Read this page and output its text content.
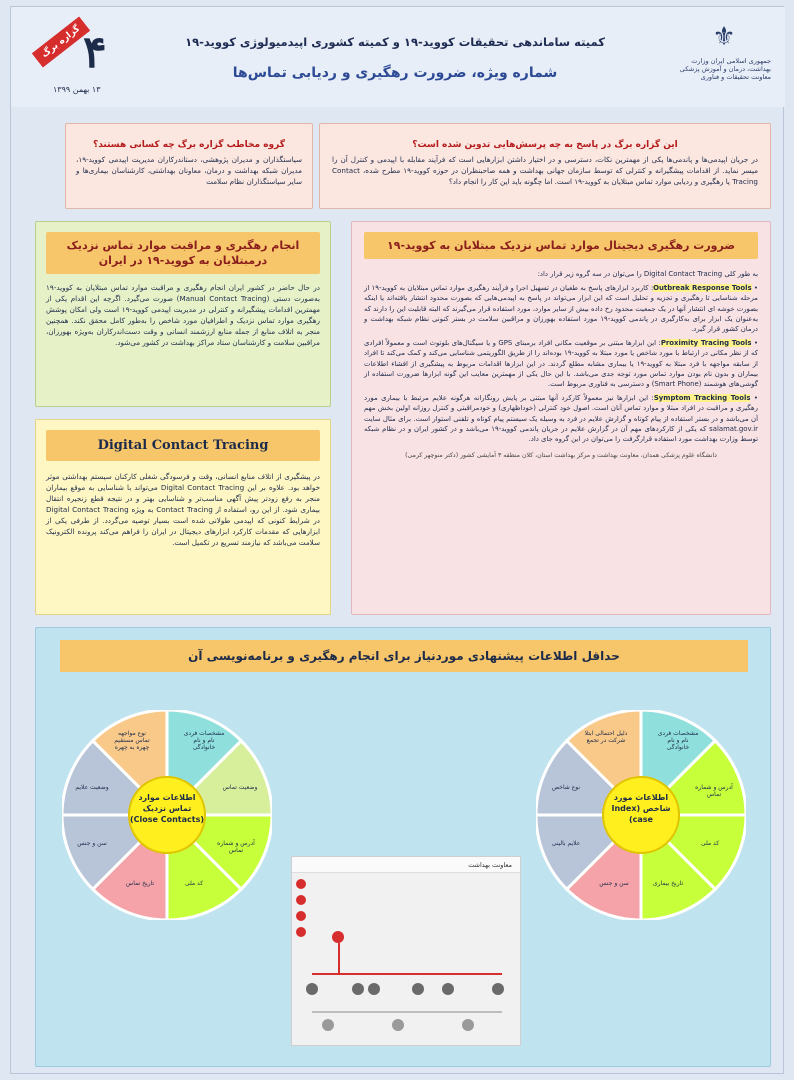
⚜
جمهوری اسلامی ایران وزارت بهداشت، درمان و آموزش پزشکی معاونت تحقیقات و فناوری
کمیته ساماندهی تحقیقات کووید-۱۹ و کمیته کشوری اپیدمیولوژی کووید-۱۹
شماره ویژه، ضرورت رهگیری و ردیابی تماس‌ها
گزاره برگ ۴
۱۳ بهمن ۱۳۹۹
این گزاره برگ در پاسخ به چه پرسش‌هایی تدوین شده است؟
در جریان اپیدمی‌ها و پاندمی‌ها یکی از مهمترین نکات، دسترسی و در اختیار داشتن ابزارهایی است که فرآیند مقابله با اپیدمی و کنترل آن را میسر نماید. از اقدامات پیشگیرانه و کنترلی که توسط سازمان جهانی بهداشت و همه صاحبنظران در حوزه کووید-۱۹ مطرح شده، Contact Tracing یا رهگیری و ردیابی موارد تماس مبتلایان به کووید-۱۹ است. اما چگونه باید این کار را انجام داد؟
گروه مخاطب گزاره برگ چه کسانی هستند؟
سیاستگذاران و مدیران پژوهشی، دستاندرکاران مدیریت اپیدمی کووید-۱۹، مدیران شبکه بهداشت و درمان، معاونان بهداشتی، کارشناسان بیماری‌ها و سایر سیاستگذاران نظام سلامت
انجام رهگیری و مراقبت موارد تماس نزدیک درمبتلایان به کووید-۱۹ در ایران
در حال حاضر در کشور ایران انجام رهگیری و مراقبت موارد تماس مبتلایان به کووید-۱۹ به‌صورت دستی (Manual Contact Tracing) صورت می‌گیرد. اگرچه این اقدام یکی از مهمترین اقدامات پیشگیرانه و کنترلی در مدیریت اپیدمی کووید-۱۹ است ولی امکان پوشش رهگیری موارد تماس نزدیک و اطرافیان مورد شاخص را به‌طور کامل محقق نکند. همچنین منجر به اتلاف منابع از جمله منابع ارزشمند انسانی و وقت دست‌اندرکاران به‌ویژه بهورزان، مراقبین سلامت و کارشناسان ستاد مراکز بهداشت در کشور می‌شود.
Digital Contact Tracing
در پیشگیری از اتلاف منابع انسانی، وقت و فرسودگی شغلی کارکنان سیستم بهداشتی موثر خواهد بود. علاوه بر این Digital Contact Tracing می‌تواند با شناسایی به موقع بیماران منجر به رفع زودتر پیش آگهی مناسب‌تر و شناسایی بهتر و در نتیجه قطع زنجیره انتقال بیماری شود. از این رو، استفاده از Contact Tracing به ویژه Digital Contact Tracing در شرایط کنونی که اپیدمی طولانی شده است بسیار توصیه می‌گردد. از طرفی یکی از ابزارهایی که مقدمات کارکرد ابزارهای دیجیتال در ایران را فراهم می‌کند پرونده الکترونیک سلامت می‌باشد که نیازمند تسریع در تکمیل است.
ضرورت رهگیری دیجیتال موارد تماس نزدیک مبتلایان به کووید-۱۹
به طور کلی Digital Contact Tracing را می‌توان در سه گروه زیر قرار داد:
• Outbreak Response Tools: کاربرد ابزارهای پاسخ به طغیان در تسهیل اجرا و فرآیند رهگیری موارد تماس مبتلایان به کووید-۱۹ از مرحله شناسایی تا رهگیری و تجزیه و تحلیل است که این ابزار می‌تواند در پاسخ به اپیدمی‌هایی که بصورت محدود انتشار یافته‌اند یا اینکه بصورت خوشه ای انتشار آنها در یک جمعیت محدود رخ داده بیش از سایر موارد، مورد استفاده قرار می‌گیرند که البته قابلیت این را دارند که به‌عنوان یک ابزار برای به‌کارگیری در پاندمی کووید-۱۹ مورد استفاده بهورزان و مراقبین سلامت در بستر کنونی نظام شبکه بهداشت و درمان کشور قرار گیرد.
• Proximity Tracing Tools: این ابزارها مبتنی بر موقعیت مکانی افراد برمبنای GPS و یا سیگنال‌های بلوتوث است و معمولاً افرادی که از نظر مکانی در ارتباط با مورد شاخص یا مورد مبتلا به کووید-۱۹ بوده‌اند را از طریق الگوریتمی شناسایی می‌کند و کمک می‌کند تا افراد از سابقه مواجهه با فرد مبتلا به کووید-۱۹ یا بیماری مشابه مطلع گردند. در این ابزارها اقدامات مربوط به پیشگیری از افشاء اطلاعات بیماران و بدون نام بودن موارد تماس مورد توجه جدی می‌باشد. با این حال یکی از مهمترین معایب این گونه ابزارها ضرورت استفاده از گوشی‌های هوشمند (Smart Phone) و دسترسی به فناوری مربوط است.
• Symptom Tracking Tools: این ابزارها نیز معمولاً کارکرد آنها مبتنی بر پایش رونگارانه هرگونه علایم مرتبط با بیماری مورد رهگیری و مراقبت در افراد مبتلا و موارد تماس آنان است. اصول خود کنترلی (خوداظهاری) و خودمراقبتی و کنترل روزانه اولین بخش مهم آن می‌باشد و در بستر استفاده از پیام کوتاه و گزارش علایم در فرد به وسیله یک سیستم پیام کوتاه و تلفنی استوار است. برای مثال سایت salamat.gov.ir که یکی از کارکردهای مهم آن در گزارش علایم در جریان پاندمی کووید-۱۹ می‌باشد و در کشور ایران و در نظام شبکه توسط وزارت بهداشت مورد استفاده قرارگرفت را می‌توان در این گروه جای داد.
دانشگاه علوم پزشکی همدان، معاونت بهداشت و مرکز بهداشت استان، کلان منطقه ۳ آمایشی کشور (دکتر منوچهر کرمی)
حداقل اطلاعات پیشنهادی موردنیاز برای انجام رهگیری و برنامه‌نویسی آن
مشخصات فردی نام و نام خانوادگی
نوع مواجهه تماس مستقیم چهره به چهره
وضعیت تماس
آدرس و شماره تماس
کد ملی
تاریخ تماس
سن و جنس
وضعیت علایم
اطلاعات موارد تماس نزدیک (Close Contacts)
مشخصات فردی نام و نام خانوادگی
دلیل احتمالی ابتلا شرکت در تجمع
نوع شاخص	آدرس و شماره تماس
کد ملی
تاریخ بیماری
سن و جنس
علایم بالینی
اطلاعات مورد شاخص (Index case)
معاونت بهداشت
